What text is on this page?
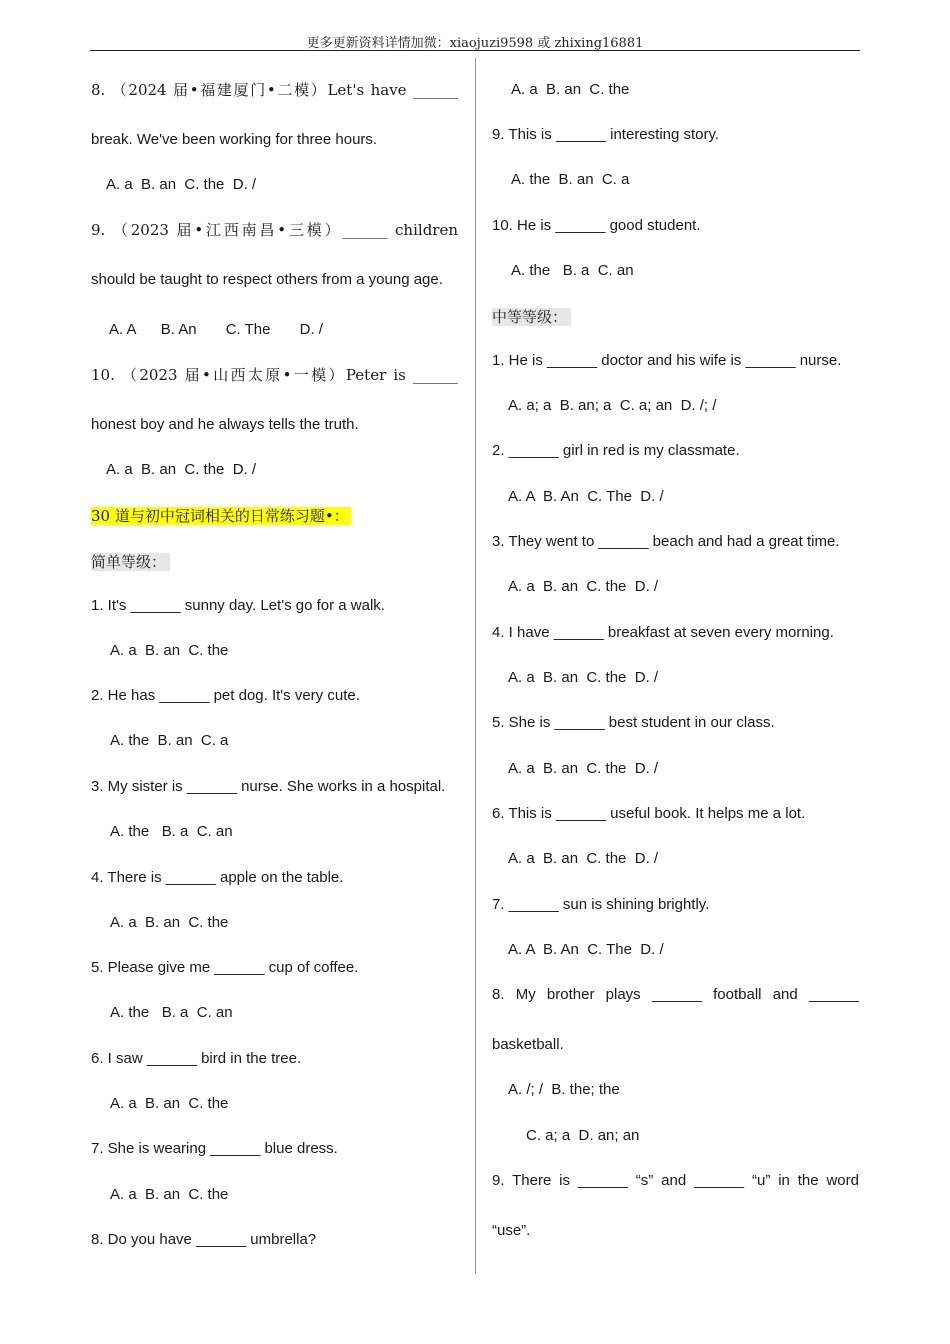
更多更新资料详情加微：xiaojuzi9598 或 zhixing16881
8. （2024 届•福建厦门•二模）Let's have ______
break. We've been working for three hours.
A. a  B. an  C. the  D. /
9. （2023 届•江西南昌•三模）______ children
should be taught to respect others from a young age.
A. A      B. An       C. The       D. /
10. （2023 届•山西太原•一模）Peter is ______
honest boy and he always tells the truth.
A. a  B. an  C. the  D. /
30 道与初中冠词相关的日常练习题•：
简单等级：
1. It's ______ sunny day. Let's go for a walk.
A. a  B. an  C. the
2. He has ______ pet dog. It's very cute.
A. the  B. an  C. a
3. My sister is ______ nurse. She works in a hospital.
A. the   B. a  C. an
4. There is ______ apple on the table.
A. a  B. an  C. the
5. Please give me ______ cup of coffee.
A. the   B. a  C. an
6. I saw ______ bird in the tree.
A. a  B. an  C. the
7. She is wearing ______ blue dress.
A. a  B. an  C. the
8. Do you have ______ umbrella?
A. a  B. an  C. the
9. This is ______ interesting story.
A. the  B. an  C. a
10. He is ______ good student.
A. the   B. a  C. an
中等等级：
1. He is ______ doctor and his wife is ______ nurse.
A. a; a  B. an; a  C. a; an  D. /; /
2. ______ girl in red is my classmate.
A. A  B. An  C. The  D. /
3. They went to ______ beach and had a great time.
A. a  B. an  C. the  D. /
4. I have ______ breakfast at seven every morning.
A. a  B. an  C. the  D. /
5. She is ______ best student in our class.
A. a  B. an  C. the  D. /
6. This is ______ useful book. It helps me a lot.
A. a  B. an  C. the  D. /
7. ______ sun is shining brightly.
A. A  B. An  C. The  D. /
8. My brother plays ______ football and ______
basketball.
A. /; /  B. the; the
C. a; a  D. an; an
9. There is ______ “s” and ______ “u” in the word
“use”.
